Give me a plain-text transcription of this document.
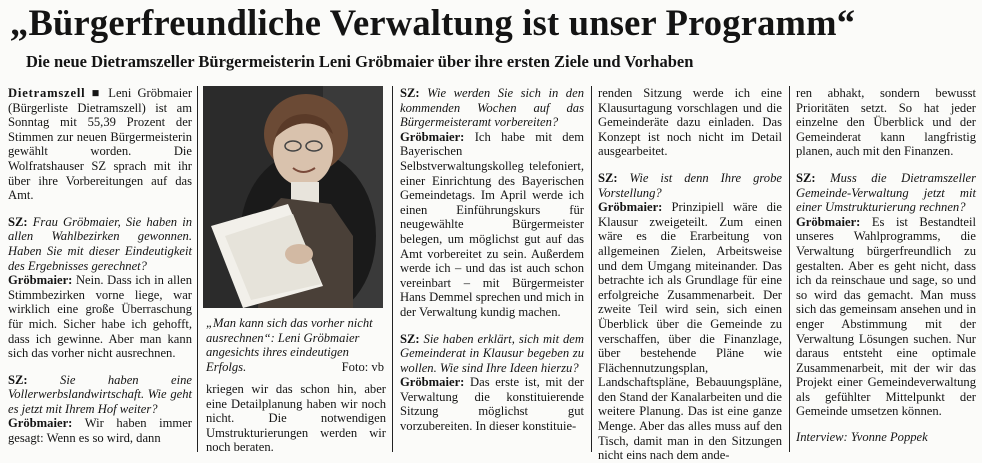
„Bürgerfreundliche Verwaltung ist unser Programm“
Die neue Dietramszeller Bürgermeisterin Leni Gröbmaier über ihre ersten Ziele und Vorhaben

Dietramszell ■ Leni Gröbmaier (Bürgerliste Dietramszell) ist am Sonntag mit 55,39 Prozent der Stimmen zur neuen Bürgermeisterin gewählt worden. Die Wolfratshauser SZ sprach mit ihr über ihre Vorbereitungen auf das Amt.

SZ: Frau Gröbmaier, Sie haben in allen Wahlbezirken gewonnen. Haben Sie mit dieser Eindeutigkeit des Ergebnisses gerechnet?

Gröbmaier: Nein. Dass ich in allen Stimmbezirken vorne liege, war wirklich eine große Überraschung für mich. Sicher habe ich gehofft, dass ich gewinne. Aber man kann sich das vorher nicht ausrechnen.

SZ:	Sie haben eine Vollerwerbslandwirtschaft. Wie geht es jetzt mit Ihrem Hof weiter?

Gröbmaier: Wir haben immer gesagt: Wenn es so wird, dann

„Man kann sich das vorher nicht ausrechnen“: Leni Gröbmaier angesichts ihres eindeutigen Erfolgs.	Foto: vb

kriegen wir das schon hin, aber eine Detailplanung haben wir noch nicht. Die notwendigen Umstrukturierungen werden wir noch beraten.

SZ: Wie werden Sie sich in den kommenden Wochen auf das Bürgermeisteramt vorbereiten?

Gröbmaier: Ich habe mit dem Bayerischen Selbstverwaltungskolleg telefoniert, einer Einrichtung des Bayerischen Gemeindetags. Im April werde ich einen Einführungskurs für neugewählte Bürgermeister belegen, um möglichst gut auf das Amt vorbereitet zu sein. Außerdem werde ich – und das ist auch schon vereinbart – mit Bürgermeister Hans Demmel sprechen und mich in der Verwaltung kundig machen.

SZ: Sie haben erklärt, sich mit dem Gemeinderat in Klausur begeben zu wollen. Wie sind Ihre Ideen hierzu?

Gröbmaier: Das erste ist, mit der Verwaltung die konstituierende Sitzung möglichst gut vorzubereiten. In dieser konstituie-

renden Sitzung werde ich eine Klausurtagung vorschlagen und die Gemeinderäte dazu einladen. Das Konzept ist noch nicht im Detail ausgearbeitet.

SZ: Wie ist denn Ihre grobe Vorstellung?

Gröbmaier: Prinzipiell wäre die Klausur zweigeteilt. Zum einen wäre es die Erarbeitung von allgemeinen Zielen, Arbeitsweise und dem Umgang miteinander. Das betrachte ich als Grundlage für eine erfolgreiche Zusammenarbeit. Der zweite Teil wird sein, sich einen Überblick über die Gemeinde zu verschaffen, über die Finanzlage, über bestehende Pläne wie Flächennutzungsplan, Landschaftspläne, Bebauungspläne, den Stand der Kanalarbeiten und die weitere Planung. Das ist eine ganze Menge. Aber das alles muss auf den Tisch, damit man in den Sitzungen nicht eins nach dem ande-

ren abhakt, sondern bewusst Prioritäten setzt. So hat jeder einzelne den Überblick und der Gemeinderat kann langfristig planen, auch mit den Finanzen.

SZ: Muss die Dietramszeller Gemeinde-Verwaltung jetzt mit einer Umstrukturierung rechnen?

Gröbmaier: Es ist Bestandteil unseres Wahlprogramms, die Verwaltung bürgerfreundlich zu gestalten. Aber es geht nicht, dass ich da reinschaue und sage, so und so wird das gemacht. Man muss sich das gemeinsam ansehen und in enger Abstimmung mit der Verwaltung Lösungen suchen. Nur daraus entsteht eine optimale Zusammenarbeit, mit der wir das Projekt einer Gemeindeverwaltung als gefühlter Mittelpunkt der Gemeinde umsetzen können.

Interview: Yvonne Poppek
